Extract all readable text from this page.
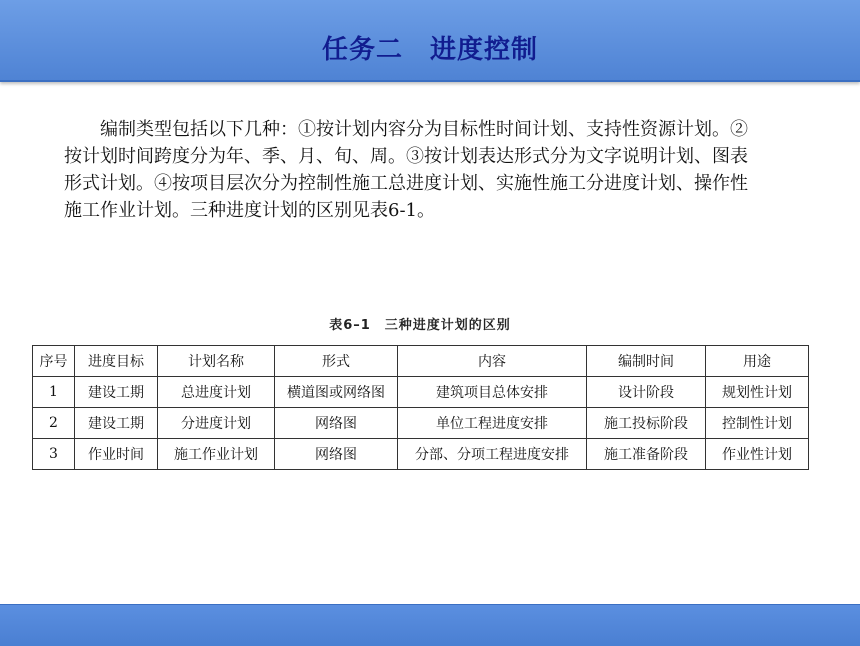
任务二　进度控制

编制类型包括以下几种：①按计划内容分为目标性时间计划、支持性资源计划。②按计划时间跨度分为年、季、月、旬、周。③按计划表达形式分为文字说明计划、图表形式计划。④按项目层次分为控制性施工总进度计划、实施性施工分进度计划、操作性施工作业计划。三种进度计划的区别见表6-1。

表6–1　三种进度计划的区别
序号	进度目标	计划名称	形式	内容	编制时间	用途
1	建设工期	总进度计划	横道图或网络图	建筑项目总体安排	设计阶段	规划性计划
2	建设工期	分进度计划	网络图	单位工程进度安排	施工投标阶段	控制性计划
3	作业时间	施工作业计划	网络图	分部、分项工程进度安排	施工准备阶段	作业性计划
